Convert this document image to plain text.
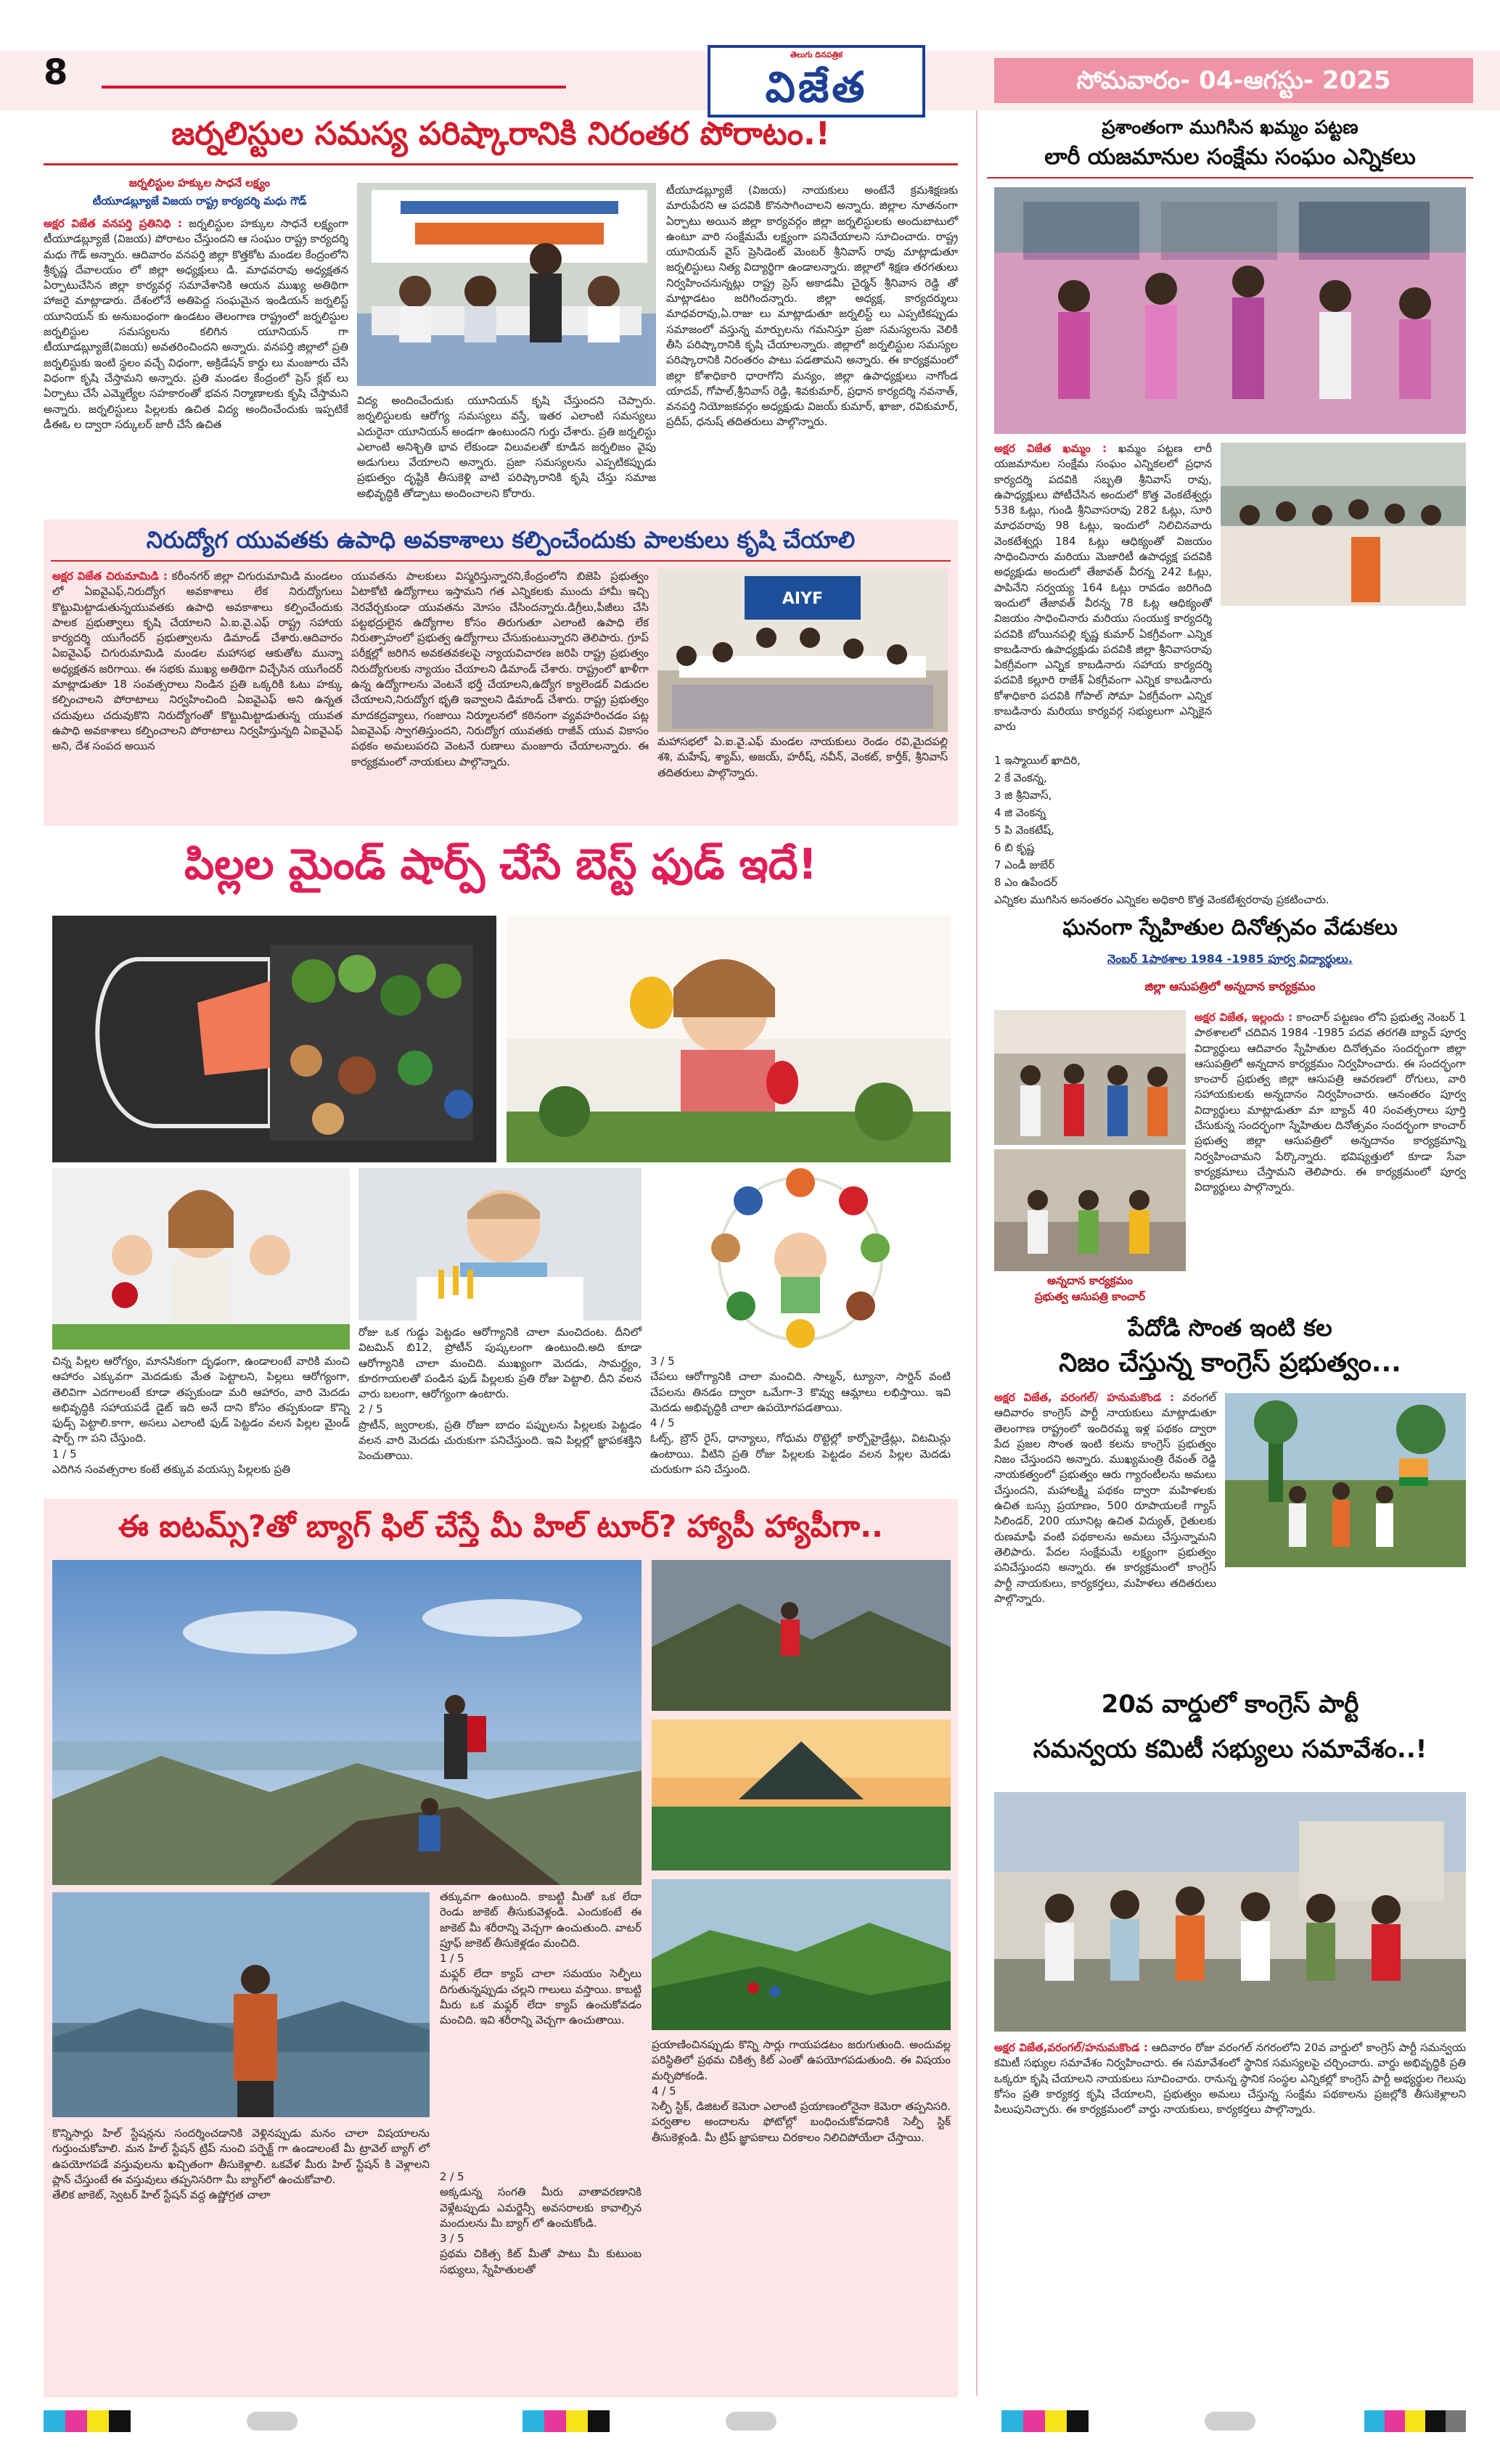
8	తెలుగు దినపత్రిక
విజేత	సోమవారం- 04-ఆగస్టు- 2025
జర్నలిస్టుల సమస్య పరిష్కారానికి నిరంతర పోరాటం.!
జర్నలిస్టుల హక్కుల సాధనే లక్ష్యం
టీయూడబ్ల్యూజే విజయ రాష్ట్ర కార్యదర్శి మధు గౌడ్
అక్షర విజేత వనపర్తి ప్రతినిధి : జర్నలిస్టుల హక్కుల సాధనే లక్ష్యంగా టీయూడబ్ల్యూజే (విజయ) పోరాటం చేస్తుందని ఆ సంఘం రాష్ట్ర కార్యదర్శి మధు గౌడ్ అన్నారు. ఆదివారం వనపర్తి జిల్లా కొత్తకోట మండల కేంద్రంలోని శ్రీకృష్ణ దేవాలయం లో జిల్లా అధ్యక్షులు డి. మాధవరావు అధ్యక్షతన ఏర్పాటుచేసిన జిల్లా కార్యవర్గ సమావేశానికి ఆయన ముఖ్య అతిథిగా హాజరై మాట్లాడారు. దేశంలోనే అతిపెద్ద సంఘమైన ఇండియన్ జర్నలిస్ట్ యూనియన్ కు అనుబంధంగా ఉండటం తెలంగాణ రాష్ట్రంలో జర్నలిస్టుల జర్నలిస్టుల సమస్యలను కలిగిన యూనియన్ గా టీయూడబ్ల్యూజే(విజయ) అవతరించిందని అన్నారు. వనపర్తి జిల్లాలో ప్రతి జర్నలిస్టుకు ఇంటి స్థలం వచ్చే విధంగా, అక్రిడేషన్ కార్డు లు మంజూరు చేసే విధంగా కృషి చేస్తామని అన్నారు. ప్రతి మండల కేంద్రంలో ప్రెస్ క్లబ్ లు ఏర్పాటు చేసే ఎమ్మెల్యేల సహకారంతో భవన నిర్మాణాలకు కృషి చేస్తామని అన్నారు. జర్నలిస్టులు పిల్లలకు ఉచిత విద్య అందించేందుకు ఇప్పటికే డీఈఓ ల ద్వారా సర్కులర్ జారీ చేసే ఉచిత
విద్య అందించేందుకు యూనియన్ కృషి చేస్తుందని చెప్పారు. జర్నలిస్టులకు ఆరోగ్య సమస్యలు వస్తే, ఇతర ఎలాంటి సమస్యలు ఎదురైనా యూనియన్ అండగా ఉంటుందని గుర్తు చేశారు. ప్రతి జర్నలిస్టు ఎలాంటి అనిశ్చితి భావ లేకుండా విలువలతో కూడిన జర్నలిజం వైపు అడుగులు వేయాలని అన్నారు. ప్రజా సమస్యలను ఎప్పటికప్పుడు ప్రభుత్వం దృష్టికి తీసుకెళ్లి వాటి పరిష్కారానికి కృషి చేస్తు సమాజ అభివృద్ధికి తోడ్పాటు అందించాలని కోరారు.
టీయూడబ్ల్యూజే (విజయ) నాయకులు అంటేనే క్రమశిక్షణకు మారుపేరని ఆ పదవికి కొనసాగించాలని అన్నారు. జిల్లాల నూతనంగా ఏర్పాటు అయిన జిల్లా కార్యవర్గం జిల్లా జర్నలిస్టులకు అందుబాటులో ఉంటూ వారి సంక్షేమమే లక్ష్యంగా పనిచేయాలని సూచించారు. రాష్ట్ర యూనియన్ వైస్ ప్రెసిడెంట్ మెంబర్ శ్రీనివాస్ రావు మాట్లాడుతూ జర్నలిస్టులు నిత్య విద్యార్థిగా ఉండాలన్నారు. జిల్లాలో శిక్షణ తరగతులు నిర్వహించనున్నట్లు రాష్ట్ర ప్రెస్ అకాడమీ చైర్మన్ శ్రీనివాస రెడ్డి తో మాట్లాడటం జరిగిందన్నారు. జిల్లా అధ్యక్ష, కార్యదర్శులు మాధవరావు,ఏ.రాజు లు మాట్లాడుతూ జర్నలిస్ట్ లు ఎప్పటికప్పుడు సమాజంలో వస్తున్న మార్పులను గమనిస్తూ ప్రజా సమస్యలను వెలికి తీసి పరిష్కారానికి కృషి చేయాలన్నారు. జిల్లాలో జర్నలిస్టుల సమస్యల పరిష్కారానికి నిరంతరం పాటు పడతామని అన్నారు. ఈ కార్యక్రమంలో జిల్లా కోశాధికారి ధారాగోని మన్యం, జిల్లా ఉపాధ్యక్షులు నాగోండ యాదవ్, గోపాల్,శ్రీనివాస్ రెడ్డి, శివకుమార్, ప్రధాన కార్యదర్శి నవనాత్, వనపర్తి నియోజకవర్గం అధ్యక్షుడు విజయ్ కుమార్, ఖాజా, రవికుమార్, ప్రదీప్, ధనుష్ తదితరులు పాల్గొన్నారు.
నిరుద్యోగ యువతకు ఉపాధి అవకాశాలు కల్పించేందుకు పాలకులు కృషి చేయాలి
అక్షర విజేత చిరుమామిడి : కరీంనగర్ జిల్లా చిగురుమామిడి మండలం లో ఏఐవైఎఫ్,నిరుద్యోగ అవకాశాలు లేక నిరుద్యోగులు కొట్టుమిట్టాడుతున్నయువతకు ఉపాధి అవకాశాలు కల్పించేందుకు పాలక ప్రభుత్వాలు కృషి చేయాలని ఏ.ఐ.వై.ఎఫ్ రాష్ట్ర సహాయ కార్యదర్శి యుగేందర్ ప్రభుత్వాలను డిమాండ్ చేశారు.ఆదివారం ఏఐవైఎఫ్ చిగురుమామిడి మండల మహాసభ ఆకుతోట మున్నా అధ్యక్షతన జరిగాయి. ఈ సభకు ముఖ్య అతిథిగా విచ్చేసిన యుగేందర్ మాట్లాడుతూ 18 సంవత్సరాలు నిండిన ప్రతి ఒక్కరికి ఓటు హక్కు కల్పించాలని పోరాటాలు నిర్వహించింది ఏఐవైఎఫ్ అని ఉన్నత చదువులు చదువుకొని నిరుద్యోగంతో కొట్టుమిట్టాడుతున్న యువత ఉపాధి అవకాశాలు కల్పించాలని పోరాటాలు నిర్వహిస్తున్నది ఏఐవైఎఫ్ అని, దేశ సంపద అయిన
యువతను పాలకులు విస్మరిస్తున్నారని,కేంద్రంలోని బిజెపి ప్రభుత్వం ఏటాకోటి ఉద్యోగాలు ఇస్తామని గత ఎన్నికలకు ముందు హామీ ఇచ్చి నెరవేర్చకుండా యువతను మోసం చేసిందన్నారు.డిగ్రీలు,పీజీలు చేసి పట్టభద్రులైన ఉద్యోగాల కోసం తిరుగుతూ ఎలాంటి ఉపాధి లేక నిరుత్సాహంలో ప్రభుత్వ ఉద్యోగాలు చేసుకుంటున్నారని తెలిపారు. గ్రూప్ పరీక్షల్లో జరిగిన అవకతవకలపై న్యాయవిచారణ జరిపి రాష్ట్ర ప్రభుత్వం నిరుద్యోగులకు న్యాయం చేయాలని డిమాండ్ చేశారు. రాష్ట్రంలో ఖాళీగా ఉన్న ఉద్యోగాలను వెంటనే భర్తీ చేయాలని,ఉద్యోగ క్యాలెండర్ విడుదల చేయాలని,నిరుద్యోగ భృతి ఇవ్వాలని డిమాండ్ చేశారు. రాష్ట్ర ప్రభుత్వం మాదకద్రవ్యాలు, గంజాయి నిర్మూలనలో కఠినంగా వ్యవహరించడం పట్ల ఏఐవైఎఫ్ స్వాగతిస్తుందని, నిరుద్యోగ యువతకు రాజీవ్ యువ వికాసం పథకం అమలుపరచి వెంటనే రుణాలు మంజూరు చేయాలన్నారు. ఈ కార్యక్రమంలో నాయకులు పాల్గొన్నారు.
AIYF
మహాసభలో ఏ.ఐ.వై.ఎఫ్ మండల నాయకులు రెండం రవి,మైదపల్లి శశి, మహేష్, శ్యామ్, అజయ్, హరీష్, నవీన్, వెంకట్, కార్తీక్, శ్రీనివాస్ తదితరులు పాల్గొన్నారు.
పిల్లల మైండ్ షార్ప్ చేసే బెస్ట్ ఫుడ్ ఇదే!
చిన్న పిల్లల ఆరోగ్యం, మానసికంగా దృఢంగా, ఉండాలంటే వారికి మంచి ఆహారం ఎక్కువగా మెదడుకు మేత పెట్టాలని, పిల్లలు ఆరోగ్యంగా, తెలివిగా ఎదగాలంటే కూడా తప్పకుండా మరి ఆహారం, వారి మెదడు అభివృద్ధికి సహాయపడే డైట్ ఇది అనే దాని కోసం తప్పకుండా కొన్ని ఫుడ్స్ పెట్టాలి.కాగా, అసలు ఎలాంటి ఫుడ్ పెట్టడం వలన పిల్లల మైండ్ షార్ప్ గా పని చేస్తుంది.
1 / 5
ఎదిగిన సంవత్సరాల కంటే తక్కువ వయస్సు పిల్లలకు ప్రతి
రోజు ఒక గుడ్డు పెట్టడం ఆరోగ్యానికి చాలా మంచిదంట. దీనిలో విటమిన్ బి12, ప్రోటీన్ పుష్కలంగా ఉంటుంది.అది కూడా ఆరోగ్యానికి చాలా మంచిది. ముఖ్యంగా మెదడు, సామర్థ్యం, కూరగాయలతో పండిన ఫుడ్ పిల్లలకు ప్రతి రోజు పెట్టాలి. దీని వలన వారు బలంగా, ఆరోగ్యంగా ఉంటారు.
2 / 5
ప్రొటీన్, జ్వరాలకు, ప్రతి రోజూ బాదం పప్పులను పిల్లలకు పెట్టడం వలన వారి మెదడు చురుకుగా పనిచేస్తుంది. ఇవి పిల్లల్లో జ్ఞాపకశక్తిని పెంచుతాయి.
3 / 5
చేపలు ఆరోగ్యానికి చాలా మంచిది. సాల్మన్, ట్యూనా, సార్డిన్ వంటి చేపలను తినడం ద్వారా ఒమేగా-3 కొవ్వు ఆమ్లాలు లభిస్తాయి. ఇవి మెదడు అభివృద్ధికి చాలా ఉపయోగపడతాయి.
4 / 5
ఓట్స్, బ్రౌన్ రైస్, ధాన్యాలు, గోధుమ రొట్టెల్లో కార్బోహైడ్రేట్లు, విటమిన్లు ఉంటాయి. వీటిని ప్రతి రోజు పిల్లలకు పెట్టడం వలన పిల్లల మెదడు చురుకుగా పని చేస్తుంది.
ఈ ఐటమ్స్?తో బ్యాగ్ ఫిల్ చేస్తే మీ హిల్ టూర్? హ్యాపీ హ్యాపీగా..
తక్కువగా ఉంటుంది. కాబట్టి మీతో ఒక లేదా రెండు జాకెట్ తీసుకువెళ్లండి. ఎందుకంటే ఈ జాకెట్ మీ శరీరాన్ని వెచ్చగా ఉంచుతుంది. వాటర్ ప్రూఫ్ జాకెట్ తీసుకెళ్లడం మంచిది.
1 / 5
మఫ్లర్ లేదా క్యాప్ చాలా సమయం సెల్ఫీలు దిగుతున్నప్పుడు చల్లని గాలులు వస్తాయి. కాబట్టి మీరు ఒక మఫ్లర్ లేదా క్యాప్ ఉంచుకోవడం మంచిది. ఇవి శరీరాన్ని వెచ్చగా ఉంచుతాయి.
కొన్నిసార్లు హిల్ స్టేషన్లను సందర్శించడానికి వెళ్లినప్పుడు మనం చాలా విషయాలను గుర్తుంచుకోవాలి. మన హిల్ స్టేషన్ ట్రిప్ నుంచి పర్ఫెక్ట్ గా ఉండాలంటే మీ ట్రావెల్ బ్యాగ్ లో ఉపయోగపడే వస్తువులను ఖచ్చితంగా తీసుకెళ్లాలి. ఒకవేళ మీరు హిల్ స్టేషన్ కి వెళ్లాలని ప్లాన్ చేస్తుంటే ఈ వస్తువులు తప్పనిసరిగా మీ బ్యాగ్‌లో ఉంచుకోవాలి.
తేలిక జాకెట్, స్వెటర్ హిల్ స్టేషన్ వద్ద ఉష్ణోగ్రత చాలా
2 / 5
అక్కడున్న సంగతి మీరు వాతావరణానికి వెళ్లేటప్పుడు ఎమర్జెన్సీ అవసరాలకు కావాల్సిన మందులను మీ బ్యాగ్ లో ఉంచుకోండి.
3 / 5
ప్రథమ చికిత్స కిట్ మీతో పాటు మీ కుటుంబ సభ్యులు, స్నేహితులతో
ప్రయాణించినప్పుడు కొన్ని సార్లు గాయపడటం జరుగుతుంది. అందువల్ల పరిస్థితిలో ప్రథమ చికిత్స కిట్ ఎంతో ఉపయోగపడుతుంది. ఈ విషయం మర్చిపోకండి.
4 / 5
సెల్ఫీ స్టిక్, డిజిటల్ కెమెరా ఎలాంటి ప్రయాణంలోనైనా కెమెరా తప్పనిసరి. పర్వతాల అందాలను ఫోటోల్లో బంధించుకోవడానికి సెల్ఫీ స్టిక్ తీసుకెళ్లండి. మీ ట్రిప్ జ్ఞాపకాలు చిరకాలం నిలిచిపోయేలా చేస్తాయి.
ప్రశాంతంగా ముగిసిన ఖమ్మం పట్టణ
లారీ యజమానుల సంక్షేమ సంఘం ఎన్నికలు
అక్షర విజేత ఖమ్మం : ఖమ్మం పట్టణ లారీ యజమానుల సంక్షేమ సంఘం ఎన్నికలలో ప్రధాన కార్యదర్శి పదవికి సబ్బతి శ్రీనివాస్ రావు, ఉపాధ్యక్షులు పోటీచేసిన అందులో కొత్త వెంకటేశ్వర్లు 538 ఓట్లు, గుండి శ్రీనివాసరావు 282 ఓట్లు, సూరి మాధవరావు 98 ఓట్లు, ఇందులో నిలిచినవారు వెంకటేశ్వర్లు 184 ఓట్లు ఆధిక్యంతో విజయం సాధించినారు మరియు మెజారిటీ ఉపాధ్యక్ష పదవికి అధ్యక్షుడు అందులో తేజావత్ వీరన్న 242 ఓట్లు, పాపినేని సర్వయ్య 164 ఓట్లు రావడం జరిగింది ఇందులో తేజావత్ వీరన్న 78 ఓట్ల ఆధిక్యంతో విజయం సాధించినారు మరియు సంయుక్త కార్యదర్శి పదవికి బోయినపల్లి కృష్ణ కుమార్ ఏకగ్రీవంగా ఎన్నిక కాబడినారు ఉపాధ్యక్షుడు పదవికి జిల్లా శ్రీనివాసరావు ఏకగ్రీవంగా ఎన్నిక కాబడినారు సహాయ కార్యదర్శి పదవికి కల్లూరి రాజేశ్ ఏకగ్రీవంగా ఎన్నిక కాబడినారు కోశాధికారి పదవికి గోపాల్ సోమా ఏకగ్రీవంగా ఎన్నిక కాబడినారు మరియు కార్యవర్గ సభ్యులుగా ఎన్నికైన వారు
1 ఇస్మాయిల్ ఖాదిరి,
2 కే వెంకన్న,
3 జి శ్రీనివాస్,
4 జి వెంకన్న
5 పి వెంకటేష్,
6 బి కృష్ణ
7 ఎండీ జుబేర్
8 ఎం ఉపేందర్
ఎన్నికల ముగిసిన అనంతరం ఎన్నికల అధికారి కొత్త వెంకటేశ్వరరావు ప్రకటించారు.
ఘనంగా స్నేహితుల దినోత్సవం వేడుకలు
నెంబర్ 1పాఠశాల 1984 -1985 పూర్వ విద్యార్థులు.
జిల్లా ఆసుపత్రిలో అన్నదాన కార్యక్రమం
అన్నదాన కార్యక్రమం
ప్రభుత్వ ఆసుపత్రి కాంచార్
అక్షర విజేత, ఇల్లందు : కాంచార్ పట్టణం లోని ప్రభుత్వ నెంబర్ 1 పాఠశాలలో చదివిన 1984 -1985 పదవ తరగతి బ్యాచ్ పూర్వ విద్యార్థులు ఆదివారం స్నేహితుల దినోత్సవం సందర్భంగా జిల్లా ఆసుపత్రిలో అన్నదాన కార్యక్రమం నిర్వహించారు. ఈ సందర్భంగా కాంచార్ ప్రభుత్వ జిల్లా ఆసుపత్రి ఆవరణలో రోగులు, వారి సహాయకులకు అన్నదానం నిర్వహించారు. ఆనంతరం పూర్వ విద్యార్థులు మాట్లాడుతూ మా బ్యాచ్ 40 సంవత్సరాలు పూర్తి చేసుకున్న సందర్భంగా స్నేహితుల దినోత్సవం సందర్భంగా కాంచార్ ప్రభుత్వ జిల్లా ఆసుపత్రిలో అన్నదానం కార్యక్రమాన్ని నిర్వహించామని పేర్కొన్నారు. భవిష్యత్తులో కూడా సేవా కార్యక్రమాలు చేస్తామని తెలిపారు. ఈ కార్యక్రమంలో పూర్వ విద్యార్థులు పాల్గొన్నారు.
పేదోడి సొంత ఇంటి కల
నిజం చేస్తున్న కాంగ్రెస్ ప్రభుత్వం...
అక్షర విజేత, వరంగల్/ హనుమకొండ : వరంగల్ ఆదివారం కాంగ్రెస్ పార్టీ నాయకులు మాట్లాడుతూ తెలంగాణ రాష్ట్రంలో ఇందిరమ్మ ఇళ్ల పథకం ద్వారా పేద ప్రజల సొంత ఇంటి కలను కాంగ్రెస్ ప్రభుత్వం నిజం చేస్తుందని అన్నారు. ముఖ్యమంత్రి రేవంత్ రెడ్డి నాయకత్వంలో ప్రభుత్వం ఆరు గ్యారంటీలను అమలు చేస్తుందని, మహాలక్ష్మి పథకం ద్వారా మహిళలకు ఉచిత బస్సు ప్రయాణం, 500 రూపాయలకే గ్యాస్ సిలిండర్, 200 యూనిట్ల ఉచిత విద్యుత్, రైతులకు రుణమాఫీ వంటి పథకాలను అమలు చేస్తున్నామని తెలిపారు. పేదల సంక్షేమమే లక్ష్యంగా ప్రభుత్వం పనిచేస్తుందని అన్నారు. ఈ కార్యక్రమంలో కాంగ్రెస్ పార్టీ నాయకులు, కార్యకర్తలు, మహిళలు తదితరులు పాల్గొన్నారు.
20వ వార్డులో కాంగ్రెస్ పార్టీ
సమన్వయ కమిటీ సభ్యులు సమావేశం..!
అక్షర విజేత,వరంగల్/హనుమకొండ : ఆదివారం రోజు వరంగల్ నగరంలోని 20వ వార్డులో కాంగ్రెస్ పార్టీ సమన్వయ కమిటీ సభ్యుల సమావేశం నిర్వహించారు. ఈ సమావేశంలో స్థానిక సమస్యలపై చర్చించారు. వార్డు అభివృద్ధికి ప్రతి ఒక్కరూ కృషి చేయాలని నాయకులు సూచించారు. రానున్న స్థానిక సంస్థల ఎన్నికల్లో కాంగ్రెస్ పార్టీ అభ్యర్థుల గెలుపు కోసం ప్రతి కార్యకర్త కృషి చేయాలని, ప్రభుత్వం అమలు చేస్తున్న సంక్షేమ పథకాలను ప్రజల్లోకి తీసుకెళ్లాలని పిలుపునిచ్చారు. ఈ కార్యక్రమంలో వార్డు నాయకులు, కార్యకర్తలు పాల్గొన్నారు.
